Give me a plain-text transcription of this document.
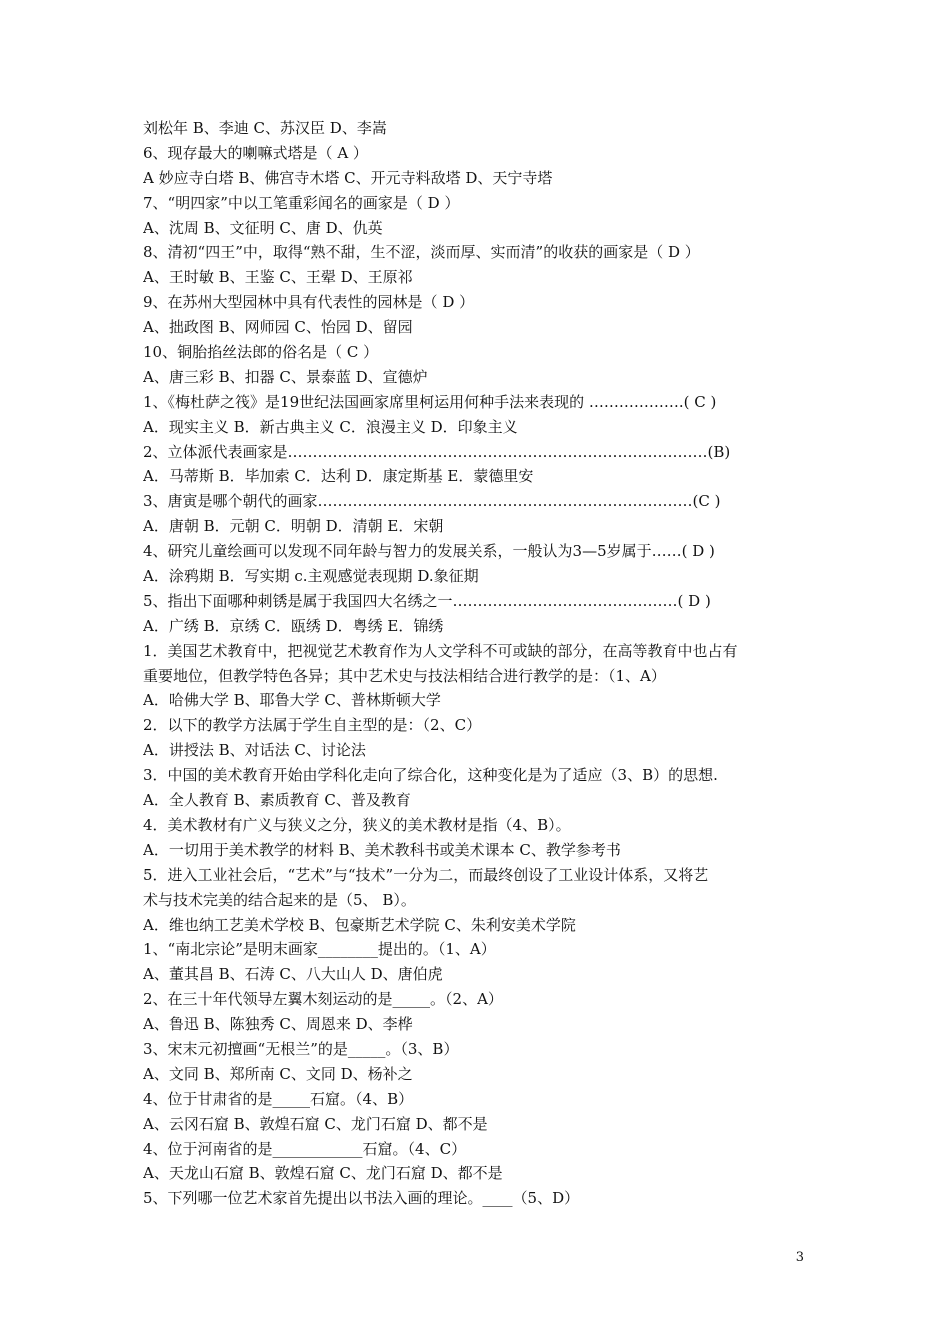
刘松年 B、李迪 C、苏汉臣 D、李嵩
6、现存最大的喇嘛式塔是（ A ）
A 妙应寺白塔 B、佛宫寺木塔 C、开元寺料敌塔 D、天宁寺塔
7、“明四家”中以工笔重彩闻名的画家是（ D ）
A、沈周 B、文征明 C、唐 D、仇英
8、清初“四王”中，取得“熟不甜，生不涩，淡而厚、实而清”的收获的画家是（ D ）
A、王时敏 B、王鉴 C、王翚 D、王原祁
9、在苏州大型园林中具有代表性的园林是（ D ）
A、拙政图 B、网师园 C、怡园 D、留园
10、铜胎掐丝法郎的俗名是（ C ）
A、唐三彩 B、扣器 C、景泰蓝 D、宣德炉
1、《梅杜萨之筏》是19世纪法国画家席里柯运用何种手法来表现的 ……………….( C )
A．现实主义 B．新古典主义 C．浪漫主义 D．印象主义
2、立体派代表画家是…………………………………………………………………………(B)
A．马蒂斯 B．毕加索 C．达利 D．康定斯基 E．蒙德里安
3、唐寅是哪个朝代的画家…………………………………………………………………(C )
A．唐朝 B．元朝 C．明朝 D．清朝 E．宋朝
4、研究儿童绘画可以发现不同年龄与智力的发展关系，一般认为3—5岁属于……( D )
A．涂鸦期 B．写实期 c.主观感觉表现期 D.象征期
5、指出下面哪种刺锈是属于我国四大名绣之一………………………………………( D )
A．广绣 B．京绣 C．瓯绣 D．粤绣 E．锦绣
1．美国艺术教育中，把视觉艺术教育作为人文学科不可或缺的部分，在高等教育中也占有
重要地位，但教学特色各异；其中艺术史与技法相结合进行教学的是：（1、A）
A．哈佛大学 B、耶鲁大学 C、普林斯顿大学
2．以下的教学方法属于学生自主型的是：（2、C）
A．讲授法 B、对话法 C、讨论法
3．中国的美术教育开始由学科化走向了综合化，这种变化是为了适应（3、B）的思想.
A．全人教育 B、素质教育 C、普及教育
4．美术教材有广义与狭义之分，狭义的美术教材是指（4、B）。
A．一切用于美术教学的材料 B、美术教科书或美术课本 C、教学参考书
5．进入工业社会后，“艺术”与“技术”一分为二，而最终创设了工业设计体系，又将艺
术与技术完美的结合起来的是（5、 B）。
A．维也纳工艺美术学校 B、包豪斯艺术学院 C、朱利安美术学院
1、“南北宗论”是明末画家________提出的。（1、A）
A、董其昌 B、石涛 C、八大山人 D、唐伯虎
2、在三十年代领导左翼木刻运动的是_____。（2、A）
A、鲁迅 B、陈独秀 C、周恩来 D、李桦
3、宋末元初擅画“无根兰”的是_____。（3、B）
A、文同 B、郑所南 C、文同 D、杨补之
4、位于甘肃省的是_____石窟。（4、B）
A、云冈石窟 B、敦煌石窟 C、龙门石窟 D、都不是
4、位于河南省的是____________石窟。（4、C）
A、天龙山石窟 B、敦煌石窟 C、龙门石窟 D、都不是
5、下列哪一位艺术家首先提出以书法入画的理论。____（5、D）
3
